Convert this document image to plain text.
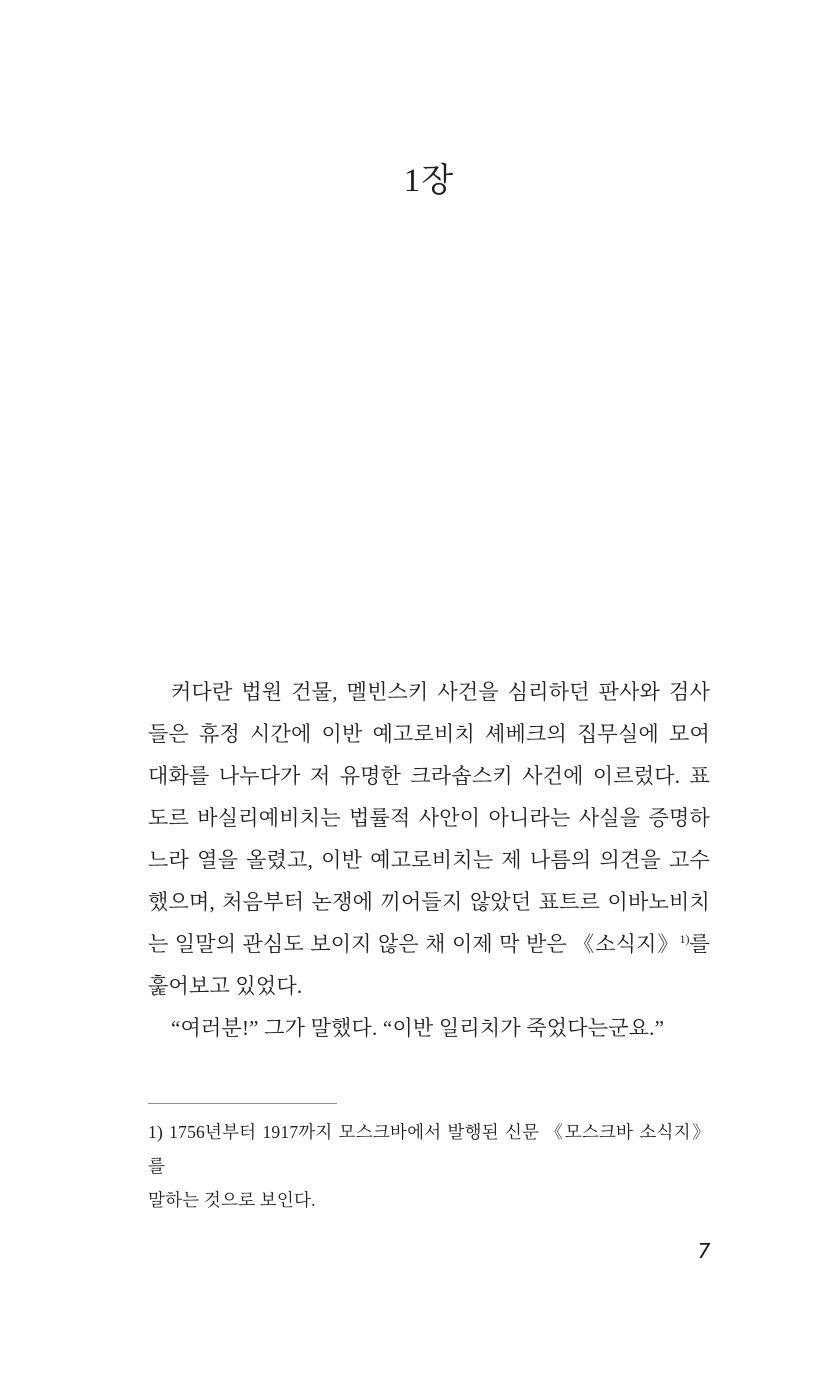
1장

커다란 법원 건물, 멜빈스키 사건을 심리하던 판사와 검사

들은 휴정 시간에 이반 예고로비치 셰베크의 집무실에 모여

대화를 나누다가 저 유명한 크라솝스키 사건에 이르렀다. 표

도르 바실리예비치는 법률적 사안이 아니라는 사실을 증명하

느라 열을 올렸고, 이반 예고로비치는 제 나름의 의견을 고수

했으며, 처음부터 논쟁에 끼어들지 않았던 표트르 이바노비치

는 일말의 관심도 보이지 않은 채 이제 막 받은 《소식지》$^{1)}$를

훑어보고 있었다.

“여러분!” 그가 말했다. “이반 일리치가 죽었다는군요.”

1) 1756년부터 1917까지 모스크바에서 발행된 신문 《모스크바 소식지》를

말하는 것으로 보인다.

7
